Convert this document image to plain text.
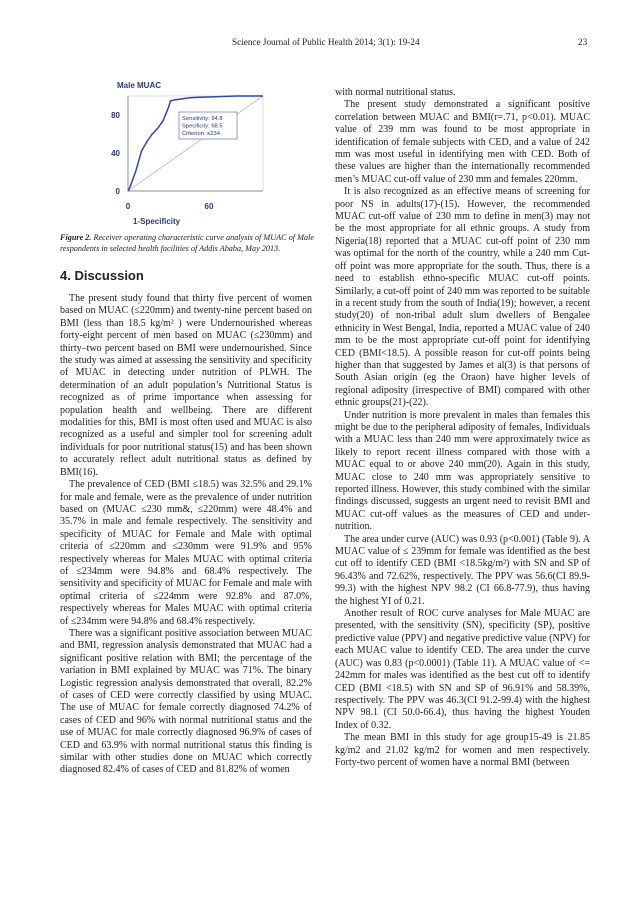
Science Journal of Public Health 2014; 3(1): 19-24	23
Male MUAC
80
40
0
0	60
Sensitivity: 94.8
Specificity: 68.5
Criterion: ≤234
1-Specificity
Figure 2. Receiver operating characteristic curve analysis of MUAC of Male respondents in selected health facilities of Addis Ababa, May 2013.
4. Discussion

The present study found that thirty five percent of women based on MUAC (≤220mm) and twenty-nine percent based on BMI (less than 18.5 kg/m² ) were Undernourished whereas forty-eight percent of men based on MUAC (≤230mm) and thirty–two percent based on BMI were undernourished. Since the study was aimed at assessing the sensitivity and specificity of MUAC in detecting under nutrition of PLWH. The determination of an adult population’s Nutritional Status is recognized as of prime importance when assessing for population health and wellbeing. There are different modalities for this, BMI is most often used and MUAC is also recognized as a useful and simpler tool for screening adult individuals for poor nutritional status(15) and has been shown to accurately reflect adult nutritional status as defined by BMI(16).

The prevalence of CED (BMI ≤18.5) was 32.5% and 29.1% for male and female, were as the prevalence of under nutrition based on (MUAC ≤230 mm&, ≤220mm) were 48.4% and 35.7% in male and female respectively. The sensitivity and specificity of MUAC for Female and Male with optimal criteria of ≤220mm and ≤230mm were 91.9% and 95% respectively whereas for Males MUAC with optimal criteria of ≤234mm were 94.8% and 68.4% respectively. The sensitivity and specificity of MUAC for Female and male with optimal criteria of ≤224mm were 92.8% and 87.0%, respectively whereas for Males MUAC with optimal criteria of ≤234mm were 94.8% and 68.4% respectively.

There was a significant positive association between MUAC and BMI, regression analysis demonstrated that MUAC had a significant positive relation with BMI; the percentage of the variation in BMI explained by MUAC was 71%. The binary Logistic regression analysis demonstrated that overall, 82.2% of cases of CED were correctly classified by using MUAC. The use of MUAC for female correctly diagnosed 74.2% of cases of CED and 96% with normal nutritional status and the use of MUAC for male correctly diagnosed 96.9% of cases of CED and 63.9% with normal nutritional status this finding is similar with other studies done on MUAC which correctly diagnosed 82.4% of cases of CED and 81.82% of women

with normal nutritional status.

The present study demonstrated a significant positive correlation between MUAC and BMI(r=.71, p<0.01). MUAC value of 239 mm was found to be most appropriate in identification of female subjects with CED, and a value of 242 mm was most useful in identifying men with CED. Both of these values are higher than the internationally recommended men’s MUAC cut-off value of 230 mm and females 220mm.

It is also recognized as an effective means of screening for poor NS in adults(17)-(15). However, the recommended MUAC cut-off value of 230 mm to define in men(3) may not be the most appropriate for all ethnic groups. A study from Nigeria(18) reported that a MUAC cut-off point of 230 mm was optimal for the north of the country, while a 240 mm Cut-off point was more appropriate for the south. Thus, there is a need to establish ethno-specific MUAC cut-off points. Similarly, a cut-off point of 240 mm was reported to be suitable in a recent study from the south of India(19); however, a recent study(20) of non-tribal adult slum dwellers of Bengalee ethnicity in West Bengal, India, reported a MUAC value of 240 mm to be the most appropriate cut-off point for identifying CED (BMI<18.5). A possible reason for cut-off points being higher than that suggested by James et al(3) is that persons of South Asian origin (eg the Oraon) have higher levels of regional adiposity (irrespective of BMI) compared with other ethnic groups(21)-(22).

Under nutrition is more prevalent in males than females this might be due to the peripheral adiposity of females, Individuals with a MUAC less than 240 mm were approximately twice as likely to report recent illness compared with those with a MUAC equal to or above 240 mm(20). Again in this study, MUAC close to 240 mm was appropriately sensitive to reported illness. However, this study combined with the similar findings discussed, suggests an urgent need to revisit BMI and MUAC cut-off values as the measures of CED and under-nutrition.

The area under curve (AUC) was 0.93 (p<0.001) (Table 9). A MUAC value of ≤ 239mm for female was identified as the best cut off to identify CED (BMI <18.5kg/m²) with SN and SP of 96.43% and 72.62%, respectively. The PPV was 56.6(CI 89.9-99.3) with the highest NPV 98.2 (CI 66.8-77.9), thus having the highest YI of 0.21.

Another result of ROC curve analyses for Male MUAC are presented, with the sensitivity (SN), specificity (SP), positive predictive value (PPV) and negative predictive value (NPV) for each MUAC value to identify CED. The area under the curve (AUC) was 0.83 (p<0.0001) (Table 11). A MUAC value of <= 242mm for males was identified as the best cut off to identify CED (BMI <18.5) with SN and SP of 96.91% and 58.39%, respectively. The PPV was 46.3(CI 91.2-99.4) with the highest NPV 98.1 (CI 50.0-66.4), thus having the highest Youden Index of 0.32.

The mean BMI in this study for age group15-49 is 21.85 kg/m2 and 21.02 kg/m2 for women and men respectively. Forty-two percent of women have a normal BMI (between
